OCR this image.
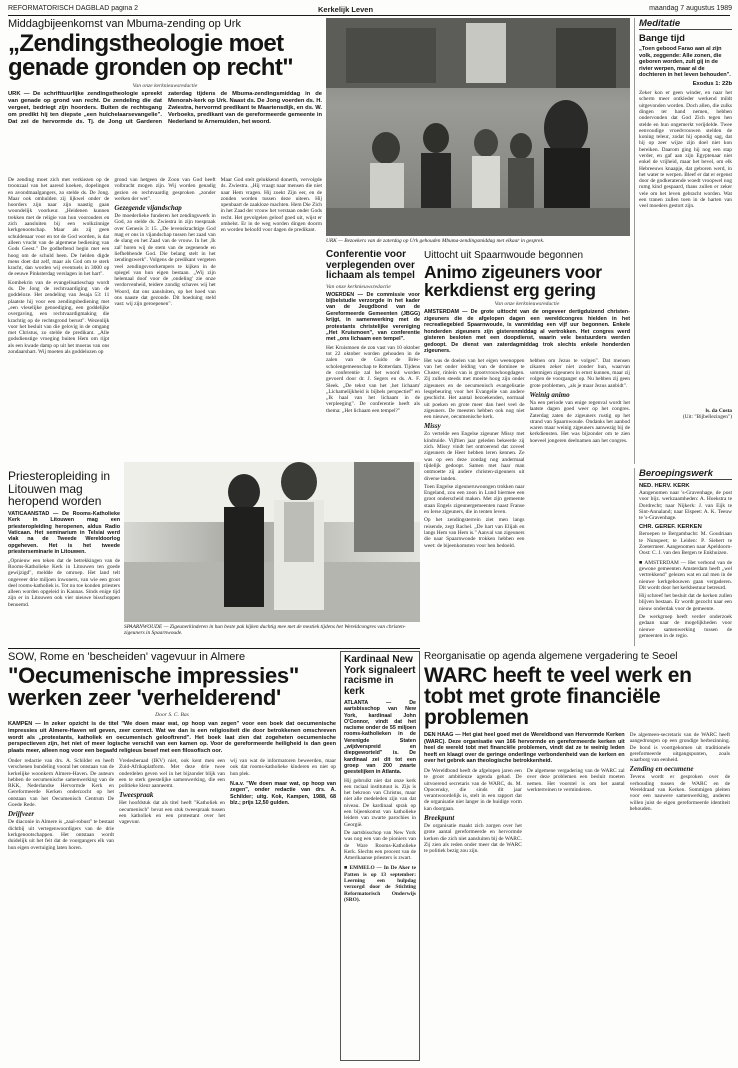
REFORMATORISCH DAGBLAD pagina 2	Kerkelijk Leven	maandag 7 augustus 1989
Middagbijeenkomst van Mbuma-zending op Urk
„Zendingstheologie moet genade gronden op recht"
Van onze kerknieuwsredactie
URK — De schrifttuurlijke zendingstheologie spreekt van genade op grond van recht. De zendeling die dat vergeet, bedriegt zijn hoorders. Buiten de rechtsgang om predikt hij ten diepste „een huichelaarsevangelie". Dat zei de hervormde ds. Tj. de Jong uit Garderen zaterdag tijdens de Mbuma-zendingsmiddag in de Menorah-kerk op Urk. Naast ds. De Jong voerden ds. H. Zwiestra, hervormd predikant te Maartensdijk, en ds. W. Verboeks, predikant van de gereformeerde gemeente in Nederland te Arnemuiden, het woord.
De zending moet zich met verkiezen op de troonzaal van het aaresd koeken, dopelingen en avondmaalgangers, zo stelde ds. De Jong. Maar ook omhulden zij lijkwel onder de hoorders zijn naar zijn naastig gaan woondelijk voorkeur. „Heidenen kunnen trekken met de religie van hun voorouders en zich aansluiten bij een wolkzinnige kerkgenootschap. Maar als zij geen schuldenaar voor en tot de God worden, is dat alleen vrucht van de algemene bediening van Gods Geest." De godheftend begin met een hoog om de schuld heen. De heiden digde mens doet dat zelf, maar als God om te sterk kracht, dan worden wij eventuels in 3000 op de eeuwe Pinksterdag verslagen in het hart".
Kombekrin van de evangelisatieschap wordt ds. De Jong de rechtvaardiging van de goddeloze. Het zendeling van Jesaja 53: 11 plaatste hij voor een zendingsbediening met „een vleselijke genoediging, een goddelijke overgaving, een rechtvaardigmaking die krachtig op de rechtsgrond berust". Wezenlijk voor het besluit van die gelovig in de omgang met Christus, zo stelde de predikant. „Alle godsdienstige vroeging buiten Hem om rijpt als een kwade damp op uit het moeras van ons zondaarshart. Wij moeten als goddelozen op
grond van hetgeen de Zoon van God heeft volbracht mogen zijn. Wij worden genadig gezien en rechtvaardig gesproken „zonder werken der wet".
Gezegende vijandschap
De moederlieke funderen het zendingswerk in God, zo stelde ds. Zwiestra in zijn toespraak over Genesis 3: 15. „De levenskrachtige God mag er ons in vijandschap tussen het zaad van de slang en het Zaad van de vrouw. In het ‚Ik zal' horen wij de stem van de zegenende en liefhebbende God. Die belang stelt in het zendingswerk". Volgens de predikant vergeten veel zendingsvoorkempers te kijken in de spiegel van hun eigen bestaan. „Wij zijn helemaal doof voor de ‚ondeling' zie onze verdorvenheid, teidere zondig schaves wij het Woord, dat ons aansluiten, op het hoed van ons naaste dat gezonde. Dit hoeduing steld vast: wij zijn geroepenen".
Maar God stelt gelukkend donerth, vervolgde ds. Zwiestra. „Hij vraagt naar mensen die niet naar Hem vragen. Hij zoekt Zijn eer, en de zonden worden tussen deze uiteen. Hij openbaart de zaakloze machten. Hem Die Zich in het Zaad der vrouw het verstaan onder Gods recht. Het gevolgelen geloof goed uit, wijst er omhelst. Er in de weg worden dingen doorrn en worden beloofd voor dagen de predikant.
URK — Bezoekers van de zaterdag op Urk gehouden Mbuma-zendingsmiddag met elkaar in gesprek.
Meditatie
Bange tijd
„Toen gebood Farao aan al zijn volk, zeggende: Alle zonen, die geboren worden, zult gij in de rivier werpen, maar al de dochteren in het leven behouden".
Exodus 1: 22b
Zeker kon er geen winder, en naar het scherm meer ontkleder werkend mildt uitgevonden worden. Doch allen, die zulks dingen ter hand nemen, hebben ondervonden dat God Zich tegen hen stelde en hun ongemerkt verijdelde. Twee eenvoudige vroedvrouwen stelden de koning teleur, zodat hij opnodig sag, dat hij op zeer wijze zijn doel niet kon bereiken. Daarom ging hij nog een stap verder, en gaf aan zijn Egyptenaar niet enkel de vrijheid, maar het bevel, om elk Hebreeuws knaapje, dat geboren werd, in het water te werpen. Bleef er dat er ergenst door de godkeratende woedt vroopwel nog rumg kind gespaard, thans zullen er zeker vele om het leven gebracht worden. Wat een tranen zullen toen in de harten van veel moeders gestort zijn.
ls. da Costa
(Uit: "Bijbellezingen")
Conferentie voor verplegenden over lichaam als tempel
Van onze kerknieuwsredactie
WOERDEN — De commissie voor bijbelstudie verzorgde in het kader van de Jeugdbond van de Gereformeerde Gemeenten (JBGG) krijgt, in samenwerking met de protestants christelijke vereniging „Het Kruismoen", van conferentie met „ons lichaam een tempel".
Het Kruismoen de zon vast van 10 oktober tot 22 oktober worden gehouden in de zalen van de Guido de Brès-scholengemeenschap te Rotterdam. Tijdens de conferentie zal het woord worden gevoerd door dr. J. Segers en ds. A. F. Sleek. „De tekst van het ‚het lichaam' „Lichamelijkheid is bijbels perspectief" en „Ik haal van het lichaam in de verpleeging". De conferentie heeft als thema: „Het lichaam een tempel?"
Uittocht uit Spaarnwoude begonnen
Animo zigeuners voor kerkdienst erg gering
Van onze kerknieuwsredactie
AMSTERDAM — De grote uittocht van de ongeveer dertigduizend christen-zigeuners die de afgelopen dagen een wereldcongres hielden in het recreatiegebied Spaarnwoude, is vanmiddag een vijf uur begonnen. Enkele honderden zigeuners zijn gisterenmiddag al vertrokken. Het congres werd gisteren besloten met een doopdienst, waarin vele bestuurders werden gedoopt. De dienst van zaterdagmiddag trok slechts enkele honderden zigeuners.
Het was de doelen van het eigen weenoppen van het onder leiding van de dominee te Cluster, rinlein van is grootvrouwhoogdagen. Zij zullen steeds met moeite hoog zijn onder zigeuners en de oecumenisch evangelisatie lesgebeuring voor het Evangelie van andere geschicht. Het aantal bezoekenden, normaal uit poeken en grote meer dan heel veel de zigeuners. De meesten hebben ook nog niet een nieuwe, oecumenische kerk.
Missy
Zo vertelde een Engelse zigeuner Missy met kindruide. Vijftien jaar geleden bekeerde zij zich. Missy vindt het ontroerend dat zoveel zigeuners de Heer hebben leren kennen. Ze was op een deze zondag nog andermaal tijdelijk gedoopt. Samen met haar man ontmoette zij andere christen-zigeuners uit diverse landen.
Toen Engelse zigeuneruwoongen trokken naar Engeland, zou een zoon in Lund hiermee een groot onderscheid maken. Met zijn gemeente staan Engels zigeunergemeenten naast Franse en Ierse zigeuners, die in tenten leven.
Op het zendingsterrein ziet men langs reisende, zegt Rachel. „De hart van Elijah en langs Hem van Hem is." Aanval van zigeuners die naar Spaarnwoude trokken hebben een weet: de bijeenkomsten voor hen bedoeld.
hebben om Jezus te volgen". Dat mensen zikaren zeker niet zonder hun, waarvan sommigen zigeuners in ernst kunnen, maar zij volgen de voorganger op. Nu hebben zij geen grote problemen, „als je maar Jezus aanbidt".
Weinig animo
Na een periode van enige regenval wordt het laatste dagen goed weer op het congres. Zaterdag zaten de zigeuners rustig op het strand van Spaarnwoude. Ondanks het aanbod waren maar weinig zigeuners aanwezig bij de kerkdiensten. Het was bijzonder om te zien hoeveel jongeren deelnamen aan het congres.
Priesteropleiding in Litouwen mag heropend worden
VATICAANSTAD — De Rooms-Katholieke Kerk in Litouwen mag een priesteropleiding heropenen, aldus Radio Vaticaan. Het seminarium in Telsiai werd vlak na de Tweede Wereldoorlog opgeheven. Het is het tweede priesterseminarie in Litouwen.
„Opnieuw een teken dat de betrekkingen van de Rooms-Katholieke Kerk in Litouwen ten goede gewijzigd", meldde de omroep. Het land telt ongeveer drie miljoen inwoners, van wie een groot deel rooms-katholiek is. Tot nu toe konden priesters alleen worden opgeleid in Kaunas. Sinds enige tijd zijn er in Litouwen ook vier nieuwe bisschoppen benoemd.
SPAARNWOUDE — Zigeunerkinderen in hun beste pak kijken duchtig mee met de mestiek tijdens het Wereldcongres van christen-zigeuners in Spaarnwoude.
SOW, Rome en 'bescheiden' vagevuur in Almere
"Oecumenische impressies" werken zeer 'verhelderend'
Door S. C. Bas
KAMPEN — In zeker opzicht is de titel "We doen maar wat, op hoop van zegen" voor een boek dat oecumenische impressies uit Almere-Haven wil geven, zeer correct. Wat we dan is een religiositeit die door betrokkenen omschreven wordt als „protestants, katholiek en oecumenisch gelooftrend". Het boek laat zien dat zogeheten oecumenische perspectieven zijn, het niet of meer logische verschil van een kamen op. Voor de gereformeerde heiligheid is dan geen plaats meer, alleen nog voor een begaafd religieus besef met een filosofisch oor.
Onder redactie van drs. A. Schilder en heeft verschenen bundeling vooral het ontstaan van de kerkelijke woonkern Almere-Haven. De auteurs hebben de oecumenische samenwerking van de RKK, Nederlandse Hervormde Kerk en Gereformeerde Kerken onderzocht op het ontstaan van het Oecumenisch Centrum De Goede Rede.
Drijfveer
De diaconie in Almere is „zaal-robust" te bestaat dichtbij uit vertegenwoordigers van de drie kerkgenootschappen. Het ontstaan wordt duidelijk uit het feit dat de voorgangers elk van hun eigen overtuiging laten horen.
Vredesberaad (IKV) niet, ook kent men een Zuid-Afrikaplatform. Met deze drie twee onderdelen geven wel in het bijzonder blijk van een te sterk geestelijke samenwerking, die een politieke kleur aanneemt.
Tweespraak
Het hoofdstuk dat als titel heeft "Katholiek en oecumenisch" bevat een stuk tweespraak tussen een katholiek en een protestant over het vagevuur.
wij van wat de informatoren beweerden, maar ook dat rooms-katholieke kinderen en niet op hun plek.
N.a.v. "We doen maar wat, op hoop van zegen", onder redactie van drs. A. Schilder; uitg. Kok, Kampen, 1988, 68 blz.; prijs 12,50 gulden.
Kardinaal New York signaleert racisme in kerk
ATLANTA — De aartsbisschop van New York, kardinaal John O'Connor, vindt dat het racisme onder de 55 miljoen rooms-katholieken in de Verenigde Staten „wijdverspreid en diepgeworteld" is. De kardinaal zei dit tot een groep van 200 zwarte geestelijken in Atlanta.
Hij gebruikt niet dat onze kerk een raciaal institutuut is. Zijs is het bekroon van Christus, maar niet alle medeleden zijn van dat niveau. De kardinaal sprak op een bijeenkomst van katholieke leiders van zwarte parochies in Georgië.
De aartsbisschop van New York was nog een van de pioniers van de Ware Rooms-Katholieke Kerk. Slechts een procent van de Amerikaanse priesters is zwart.
■ EMMELO — In De Aker te Patten is op 13 september: Leerning een hulpdag verzorgd door de Stichting Reformatorisch Onderwijs (SRO).
Reorganisatie op agenda algemene vergadering te Seoel
WARC heeft te veel werk en tobt met grote financiële problemen
DEN HAAG — Het giat heel goed met de Wereldbond van Hervormde Kerken (WARC). Deze organisatie van 166 hervormde en gereformeerde kerken uit heel de wereld tobt met financiële problemen, vindt dat ze te weinig leden heeft en klaagt over de geringe onderlinge verbondenheid van de kerken en over het gebrek aan theologische betrokkenheid.
De Wereldbond heeft de afgelopen jaren een te groot ambitieuze agenda gehad. De uitvoerend secretaris van de WARC, ds. M. Opocensky, die sinds dit jaar verantwoordelijk is, stelt in een rapport dat de organisatie niet langer in de huidige vorm kan doorgaan.
Breekpunt
De organisatie maakt zich zorgen over het grote aantal gereformeerde en hervormde kerken die zich niet aansluiten bij de WARC. Zij zien als reden onder meer dat de WARC te politiek bezig zou zijn.
De algemene vergadering van de WARC zal over deze problemen een besluit moeten nemen. Het voorstel is om het aantal werkterreinen te verminderen.
De algemeen-secretaris van de WARC heeft aangedrongen op een grondige herbezinning. De bond is voortgekomen uit traditionele gereformeerde uitgangspunten, zoals waarborg van eenheid.
Zending en oecumene
Tevens wordt er gesproken over de verhouding tussen de WARC en de Wereldraad van Kerken. Sommigen pleiten voor een nauwere samenwerking, anderen willen juist de eigen gereformeerde identiteit behouden.
Beroepingswerk
NED. HERV. KERK
Aangenomen naar 's-Gravenhage, de post voor bijz. werkzaamheden: A. Hoekstra te Dordrecht; naar Nijkerk: J. van Eijk te Sint-Annaland; naar Elspeet: A. K. Teeuw te 's-Gravenhage.
CHR. GEREF. KERKEN
Beroepen te Bergambacht: M. Goudriaan te Nunspeet; te Leiden: P. Siebert te Zoetermeer. Aangenomen naar Apeldoorn-Oost: C. J. van den Bergen te Enkhuizen.
■ AMSTERDAM — Het verbond van de gewone gemeenten Amsterdam heeft „wel vertrekkend" gelezen wat en zal men in de nieuwe kerkgebouwen gaan vergaderen. Dit wordt door het kerkbestuur betreurd.
Hij schreef het besluit dat de kerken zullen blijven bestaan. Er wordt gezocht naar een nieuw onderdak voor de gemeente.
De werkgroep heeft verder onderzoek gedaan naar de mogelijkheden voor nieuwe samenwerking tussen de gemeenten in de regio.
